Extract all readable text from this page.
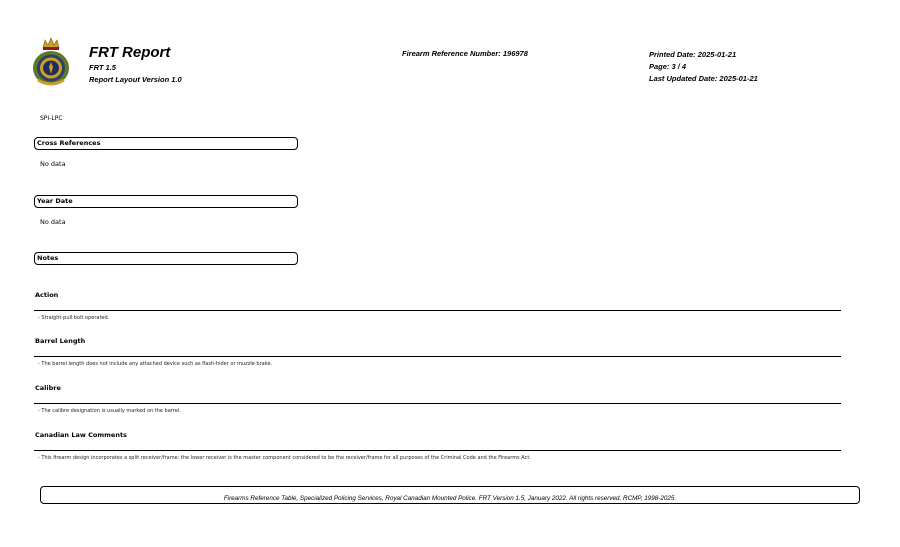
FRT Report
FRT 1.5
Report Layout Version 1.0
Firearm Reference Number: 196978	Printed Date: 2025-01-21
Page: 3 / 4
Last Updated Date: 2025-01-21
SPI-LPC
Cross References
No data
Year Date
No data
Notes
Action
- Straight-pull bolt operated.
Barrel Length
- The barrel length does not include any attached device such as flash-hider or muzzle brake.
Calibre
- The calibre designation is usually marked on the barrel.
Canadian Law Comments
- This firearm design incorporates a split receiver/frame: the lower receiver is the master component considered to be the receiver/frame for all purposes of the Criminal Code and the Firearms Act.
Firearms Reference Table, Specialized Policing Services, Royal Canadian Mounted Police. FRT Version 1.5, January 2022. All rights reserved, RCMP, 1998-2025.
